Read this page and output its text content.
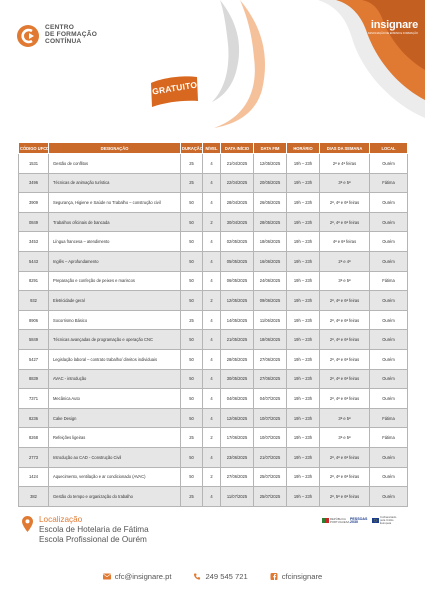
CENTRO
DE FORMAÇÃO
CONTÍNUA
insignare
ASSOCIAÇÃO DE ENSINO E FORMAÇÃO
GRATUITO
CÓDIGO UFCD	DESIGNAÇÃO	DURAÇÃO	NÍVEL	DATA INÍCIO	DATA FIM	HORÁRIO	DIAS DA SEMANA	LOCAL
1531	Gestão de conflitos	25	4	21/04/2025	12/05/2025	19h – 23h	2ª e 4ª feiras	Ourém
3496	Técnicas de animação turística	25	4	22/04/2025	20/05/2025	19h – 23h	3ª e 5ª	Fátima
3909	Segurança, Higiene e Saúde no Trabalho – construção civil	50	4	28/04/2025	26/05/2025	19h – 23h	2ª, 4ª e 6ª feiras	Ourém
0849	Trabalhos oficinais de bancada	50	2	30/04/2025	28/05/2025	19h – 23h	2ª, 4ª e 6ª feiras	Ourém
3453	Língua francesa – atendimento	50	4	02/05/2025	18/06/2025	19h – 23h	4ª e 6ª feiras	Ourém
5443	Inglês – Aprofundamento	50	4	05/05/2025	16/06/2025	19h – 23h	2ª e 4ª	Ourém
8291	Preparação e confeção de peixes e mariscos	50	4	06/05/2025	24/06/2025	19h – 23h	3ª e 5ª	Fátima
932	Eletricidade geral	50	2	12/05/2025	09/06/2025	19h – 23h	2ª, 4ª e 6ª feiras	Ourém
8906	Socorrismo Básico	25	4	14/05/2025	11/06/2025	19h – 23h	2ª, 4ª e 6ª feiras	Ourém
5849	Técnicas avançadas de programação e operação CNC	50	4	21/05/2025	18/06/2025	19h – 23h	2ª, 4ª e 6ª feiras	Ourém
5427	Legislação laboral – contrato trabalho/ direitos individuais	50	4	28/05/2025	27/06/2025	19h – 23h	2ª, 4ª e 6ª feiras	Ourém
8839	AVAC - introdução	50	4	30/05/2025	27/06/2025	19h – 23h	2ª, 4ª e 6ª feiras	Ourém
7371	Mecânica Auto	50	4	04/06/2025	04/07/2025	19h – 23h	2ª, 4ª e 6ª feiras	Ourém
8236	Cake Design	50	4	12/06/2025	10/07/2025	19h – 23h	3ª e 5ª	Fátima
8268	Refeições ligeiras	25	2	17/06/2025	10/07/2025	19h – 23h	3ª e 5ª	Fátima
2773	Introdução ao CAD - Construção Civil	50	4	23/06/2025	21/07/2025	19h – 23h	2ª, 4ª e 6ª feiras	Ourém
1424	Aquecimento, ventilação e ar condicionado (AVAC)	50	2	27/06/2025	25/07/2025	19h – 23h	2ª, 4ª e 6ª feiras	Ourém
382	Gestão do tempo e organização do trabalho	25	4	11/07/2025	25/07/2025	19h – 23h	2ª, 5ª e 6ª feiras	Ourém
Localização
Escola de Hotelaria de Fátima
Escola Profissional de Ourém
REPÚBLICA PORTUGUESA
PESSOAS 2030
Cofinanciado pela União Europeia
cfc@insignare.pt	249 545 721	cfcinsignare
